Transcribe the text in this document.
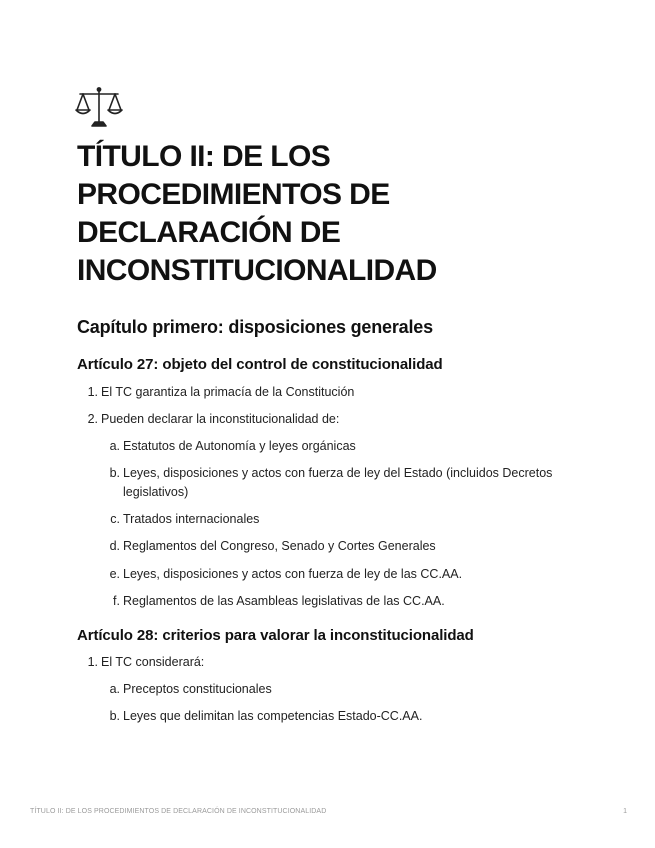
TÍTULO II: DE LOS
PROCEDIMIENTOS DE
DECLARACIÓN DE
INCONSTITUCIONALIDAD
Capítulo primero: disposiciones generales
Artículo 27: objeto del control de constitucionalidad
1. El TC garantiza la primacía de la Constitución
2. Pueden declarar la inconstitucionalidad de:
a. Estatutos de Autonomía y leyes orgánicas
b. Leyes, disposiciones y actos con fuerza de ley del Estado (incluidos Decretos legislativos)
c. Tratados internacionales
d. Reglamentos del Congreso, Senado y Cortes Generales
e. Leyes, disposiciones y actos con fuerza de ley de las CC.AA.
f. Reglamentos de las Asambleas legislativas de las CC.AA.
Artículo 28: criterios para valorar la inconstitucionalidad
1. El TC considerará:
a. Preceptos constitucionales
b. Leyes que delimitan las competencias Estado-CC.AA.
TÍTULO II: DE LOS PROCEDIMIENTOS DE DECLARACIÓN DE INCONSTITUCIONALIDAD	1
